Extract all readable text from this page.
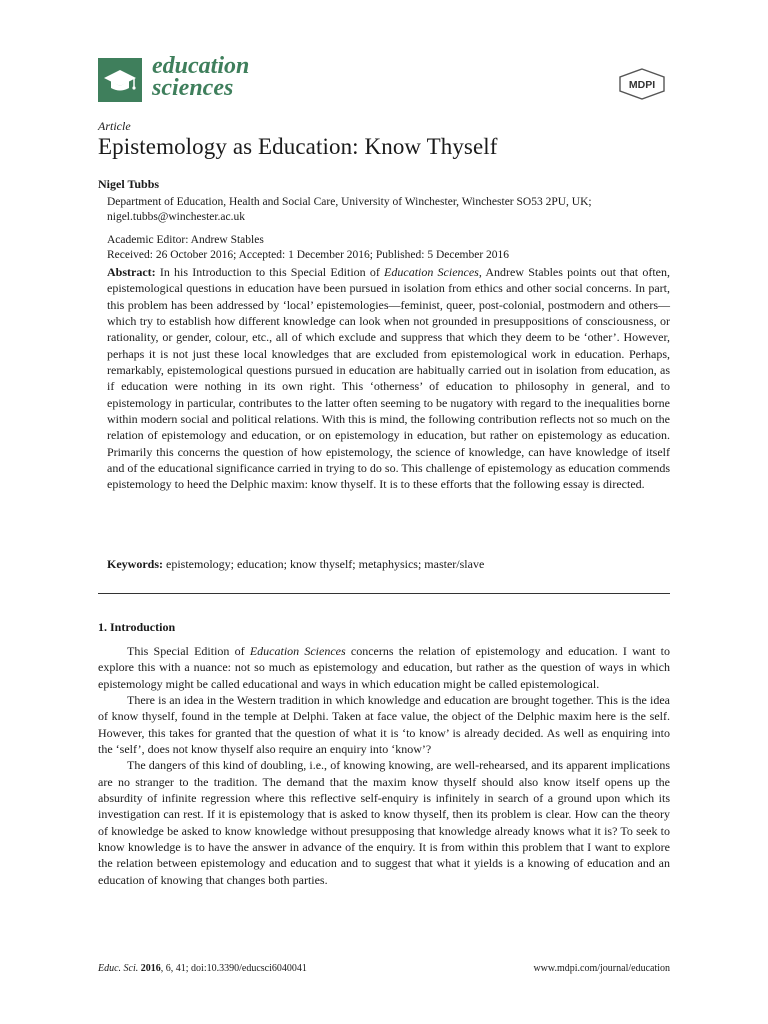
education
sciences	MDPI
Article
Epistemology as Education: Know Thyself
Nigel Tubbs
Department of Education, Health and Social Care, University of Winchester, Winchester SO53 2PU, UK;
nigel.tubbs@winchester.ac.uk
Academic Editor: Andrew Stables
Received: 26 October 2016; Accepted: 1 December 2016; Published: 5 December 2016
Abstract: In his Introduction to this Special Edition of Education Sciences, Andrew Stables points out that often, epistemological questions in education have been pursued in isolation from ethics and other social concerns. In part, this problem has been addressed by ‘local’ epistemologies—feminist, queer, post-colonial, postmodern and others—which try to establish how different knowledge can look when not grounded in presuppositions of consciousness, or rationality, or gender, colour, etc., all of which exclude and suppress that which they deem to be ‘other’. However, perhaps it is not just these local knowledges that are excluded from epistemological work in education. Perhaps, remarkably, epistemological questions pursued in education are habitually carried out in isolation from education, as if education were nothing in its own right. This ‘otherness’ of education to philosophy in general, and to epistemology in particular, contributes to the latter often seeming to be nugatory with regard to the inequalities borne within modern social and political relations. With this is mind, the following contribution reflects not so much on the relation of epistemology and education, or on epistemology in education, but rather on epistemology as education. Primarily this concerns the question of how epistemology, the science of knowledge, can have knowledge of itself and of the educational significance carried in trying to do so. This challenge of epistemology as education commends epistemology to heed the Delphic maxim: know thyself. It is to these efforts that the following essay is directed.
Keywords: epistemology; education; know thyself; metaphysics; master/slave
1. Introduction

This Special Edition of Education Sciences concerns the relation of epistemology and education. I want to explore this with a nuance: not so much as epistemology and education, but rather as the question of ways in which epistemology might be called educational and ways in which education might be called epistemological.

There is an idea in the Western tradition in which knowledge and education are brought together. This is the idea of know thyself, found in the temple at Delphi. Taken at face value, the object of the Delphic maxim here is the self. However, this takes for granted that the question of what it is ‘to know’ is already decided. As well as enquiring into the ‘self’, does not know thyself also require an enquiry into ‘know’?

The dangers of this kind of doubling, i.e., of knowing knowing, are well-rehearsed, and its apparent implications are no stranger to the tradition. The demand that the maxim know thyself should also know itself opens up the absurdity of infinite regression where this reflective self-enquiry is infinitely in search of a ground upon which its investigation can rest. If it is epistemology that is asked to know thyself, then its problem is clear. How can the theory of knowledge be asked to know knowledge without presupposing that knowledge already knows what it is? To seek to know knowledge is to have the answer in advance of the enquiry. It is from within this problem that I want to explore the relation between epistemology and education and to suggest that what it yields is a knowing of education and an education of knowing that changes both parties.

Educ. Sci. 2016, 6, 41; doi:10.3390/educsci6040041	www.mdpi.com/journal/education
